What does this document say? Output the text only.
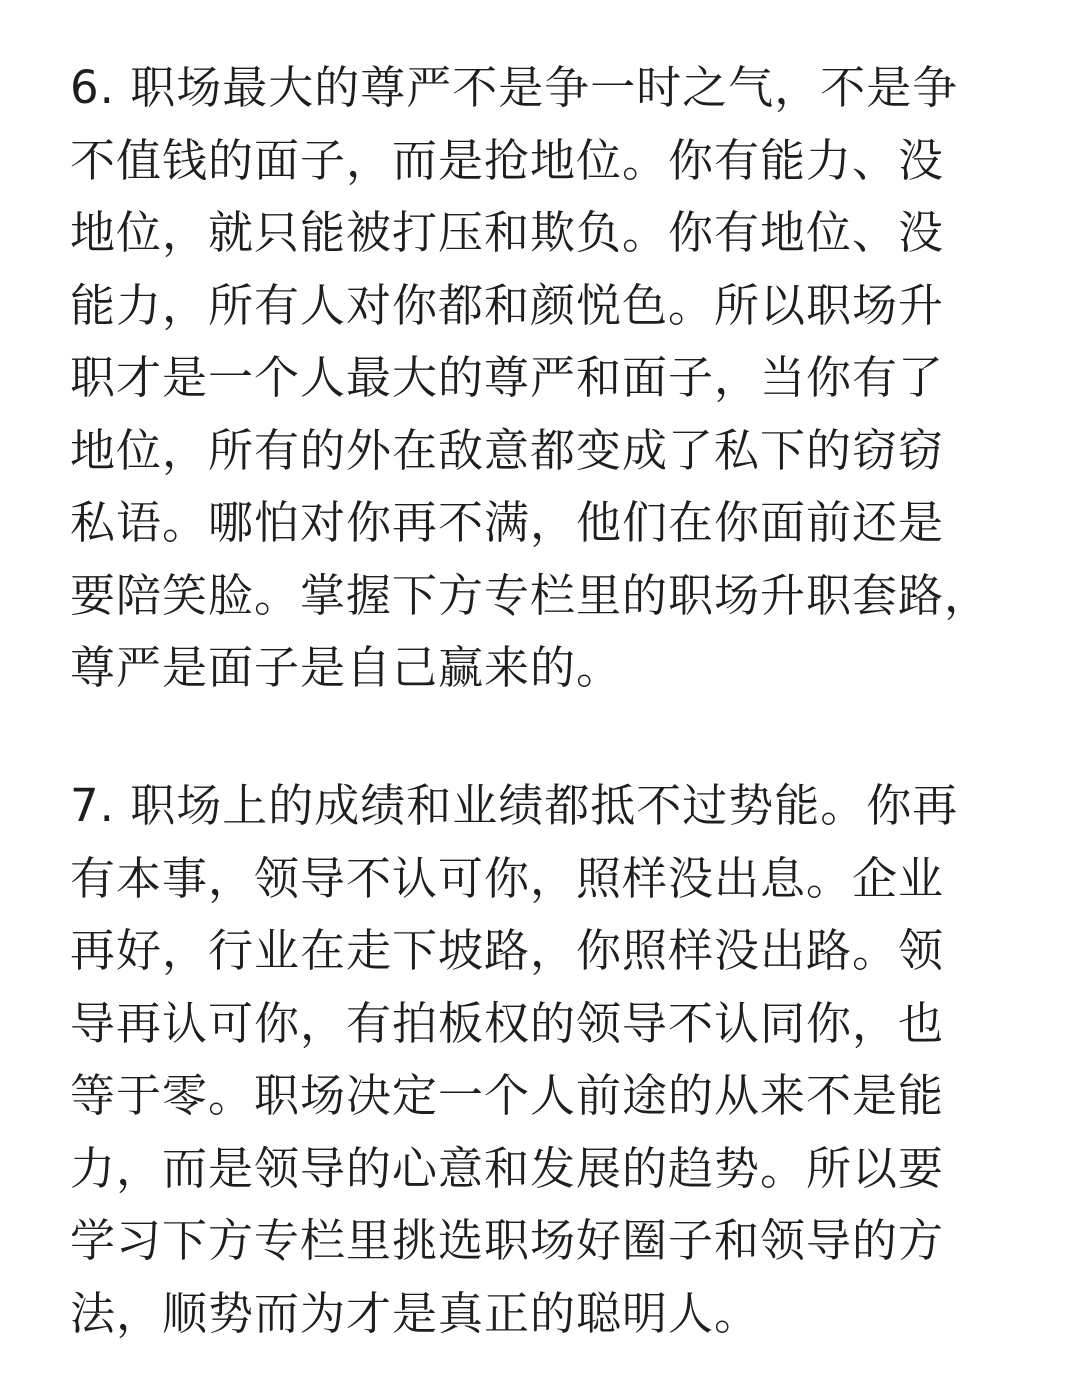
6. 职场最大的尊严不是争一时之气，不是争
不值钱的面子，而是抢地位。你有能力、没
地位，就只能被打压和欺负。你有地位、没
能力，所有人对你都和颜悦色。所以职场升
职才是一个人最大的尊严和面子，当你有了
地位，所有的外在敌意都变成了私下的窃窃
私语。哪怕对你再不满，他们在你面前还是
要陪笑脸。掌握下方专栏里的职场升职套路，
尊严是面子是自己赢来的。
7. 职场上的成绩和业绩都抵不过势能。你再
有本事，领导不认可你，照样没出息。企业
再好，行业在走下坡路，你照样没出路。领
导再认可你，有拍板权的领导不认同你，也
等于零。职场决定一个人前途的从来不是能
力，而是领导的心意和发展的趋势。所以要
学习下方专栏里挑选职场好圈子和领导的方
法，顺势而为才是真正的聪明人。
